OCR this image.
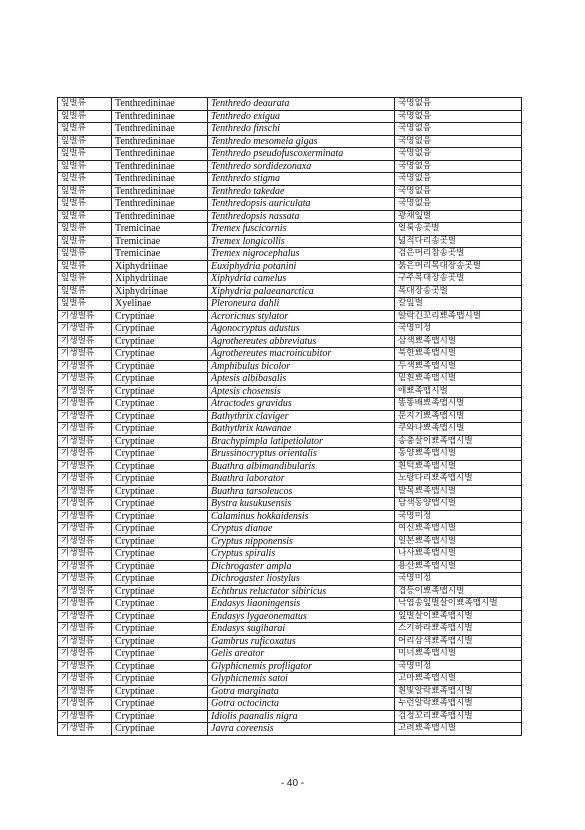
잎벌류	Tenthredininae	Tenthredo deaurata	국명없음
잎벌류	Tenthredininae	Tenthredo exigua	국명없음
잎벌류	Tenthredininae	Tenthredo finschi	국명없음
잎벌류	Tenthredininae	Tenthredo mesomela gigas	국명없음
잎벌류	Tenthredininae	Tenthredo pseudofuscoxerminata	국명없음
잎벌류	Tenthredininae	Tenthredo sordidezonaxa	국명없음
잎벌류	Tenthredininae	Tenthredo stigma	국명없음
잎벌류	Tenthredininae	Tenthredo takedae	국명없음
잎벌류	Tenthredininae	Tenthredopsis auriculata	국명없음
잎벌류	Tenthredininae	Tenthredopsis nassata	광채잎벌
잎벌류	Tremicinae	Tremex fuscicornis	얼룩송곳벌
잎벌류	Tremicinae	Tremex longicollis	넓적다리송곳벌
잎벌류	Tremicinae	Tremex nigrocephalus	검은머리참송곳벌
잎벌류	Xiphydriinae	Euxiphydria potanini	붉은머리목대장송곳벌
잎벌류	Xiphydriinae	Xiphydria camelus	구주목대장송곳벌
잎벌류	Xiphydriinae	Xiphydria palaeanarctica	목대장송곳벌
잎벌류	Xyelinae	Pleroneura dahli	칼잎벌
기생벌류	Cryptinae	Acroricnus stylator	알락긴꼬리뾰족맵시벌
기생벌류	Cryptinae	Agonocryptus adustus	국명미정
기생벌류	Cryptinae	Agrothereutes abbreviatus	삼색뾰족맵시벌
기생벌류	Cryptinae	Agrothereutes macroincubitor	북한뾰족맵시벌
기생벌류	Cryptinae	Amphibulus bicolor	두색뾰족맵시벌
기생벌류	Cryptinae	Aptesis albibasalis	밑흰뾰족맵시벌
기생벌류	Cryptinae	Aptesis chosensis	애뾰족맵시벌
기생벌류	Cryptinae	Atractodes gravidus	똥똥배뾰족맵시벌
기생벌류	Cryptinae	Bathythrix claviger	문지기뾰족맵시벌
기생벌류	Cryptinae	Bathythrix kuwanae	쿠와나뾰족맵시벌
기생벌류	Cryptinae	Brachypimpla latipetiolator	송충살이뾰족맵시벌
기생벌류	Cryptinae	Brussinocryptus orientalis	동양뾰족맵시벌
기생벌류	Cryptinae	Buathra albimandibularis	흰턱뾰족맵시벌
기생벌류	Cryptinae	Buathra laborator	노랑다리뾰족맵시벌
기생벌류	Cryptinae	Buathra tarsoleucos	발목뾰족맵시벌
기생벌류	Cryptinae	Bystra kusukusensis	담색동양맵시벌
기생벌류	Cryptinae	Calaminus hokkaidensis	국명미정
기생벌류	Cryptinae	Cryptus dianae	여신뾰족맵시벌
기생벌류	Cryptinae	Cryptus nipponensis	일본뾰족맵시벌
기생벌류	Cryptinae	Cryptus spiralis	나사뾰족맵시벌
기생벌류	Cryptinae	Dichrogaster ampla	용산뾰족맵시벌
기생벌류	Cryptinae	Dichrogaster liostylus	국명미정
기생벌류	Cryptinae	Echthrus reluctator sibiricus	겹등이뾰족맵시벌
기생벌류	Cryptinae	Endasys liaoningensis	낙엽송잎벌살이뾰족맵시벌
기생벌류	Cryptinae	Endasys lygaeonematus	잎벌살이뾰족맵시벌
기생벌류	Cryptinae	Endasys sugiharai	스기하라뾰족맵시벌
기생벌류	Cryptinae	Gambrus ruficoxatus	어리삼색뾰족맵시벌
기생벌류	Cryptinae	Gelis areator	미너뾰족맵시벌
기생벌류	Cryptinae	Glyphicnemis profligator	국명미정
기생벌류	Cryptinae	Glyphicnemis satoi	고마뾰족맵시벌
기생벌류	Cryptinae	Gotra marginata	흰빛알락뾰족맵시벌
기생벌류	Cryptinae	Gotra octocincta	누런알락뾰족맵시벌
기생벌류	Cryptinae	Idiolis paanalis nigra	검정꼬리뾰족맵시벌
기생벌류	Cryptinae	Javra coreensis	고려뾰족맵시벌
- 40 -
